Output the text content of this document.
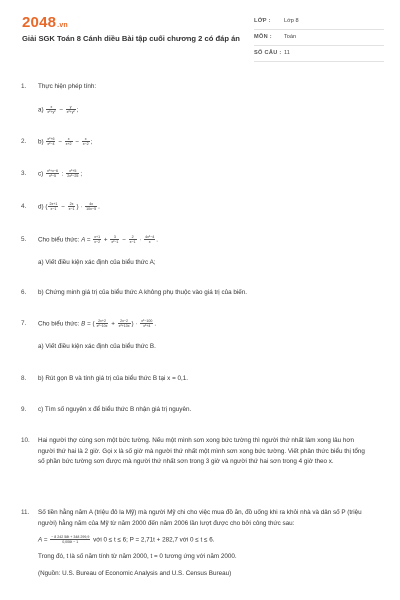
2048.vn
Giải SGK Toán 8 Cánh diều Bài tập cuối chương 2 có đáp án
LỚP : Lớp 8
MÔN : Toán
SỐ CÂU : 11
1. Thực hiện phép tính:
$a) \frac{x}{\text{x²+y²}} - \frac{y}{\text{x²+y²}}$ ;
2. $b) \frac{\text{x²+6}}{\text{x²−4}} - \frac{x}{x+2} - \frac{x}{x-2}$ ;
3. $c) \frac{\text{x²+x−6}}{\text{x²−5}}$ : $\frac{\text{x²+5}}{\text{2x²−25}}$ ;
4. d) ( $\frac{2x+1}{x-1} - \frac{2x}{x-1}$ ) · $\frac{4x}{10x-5}$ .
5. Cho biểu thức: $A = \frac{x+1}{x-2} + \frac{3}{\text{x²−1}} - \frac{2}{x-1} \cdot \frac{\text{4x²−4}}{x}$ .
a) Viết điều kiện xác định của biểu thức A;
6. b) Chứng minh giá trị của biểu thức A không phụ thuộc vào giá trị của biến.
7. Cho biểu thức: B = ( $\frac{2x+2}{\text{x²−10x}} + \frac{2x-2}{\text{x²+10x}}$ ) · $\frac{\text{x²−100}}{\text{x²+4}}$ .
a) Viết điều kiện xác định của biểu thức B.
8. b) Rút gọn B và tính giá trị của biểu thức B tại x = 0,1.
9. c) Tìm số nguyên x để biểu thức B nhận giá trị nguyên.
10. Hai người thợ cùng sơn một bức tường. Nếu một mình sơn xong bức tường thì người thứ nhất làm xong lâu hơn người thứ hai là 2 giờ. Gọi x là số giờ mà người thứ nhất một mình sơn xong bức tường. Viết phân thức biểu thị tổng số phần bức tường sơn được mà người thứ nhất sơn trong 3 giờ và người thứ hai sơn trong 4 giờ theo x.
11. Số tiền hằng năm A (triệu đô la Mỹ) mà người Mỹ chi cho việc mua đồ ăn, đồ uống khi ra khỏi nhà và dân số P (triệu người) hằng năm của Mỹ từ năm 2000 đến năm 2006 lần lượt được cho bởi công thức sau:
$A = \frac{- 8 242 58t + 348 299,9}{0,006t - 1}$ với 0 ≤ t ≤ 6; P = 2,71t + 282,7 với 0 ≤ t ≤ 6.
Trong đó, t là số năm tính từ năm 2000, t = 0 tương ứng với năm 2000.
(Nguồn: U.S. Bureau of Economic Analysis and U.S. Census Bureau)
